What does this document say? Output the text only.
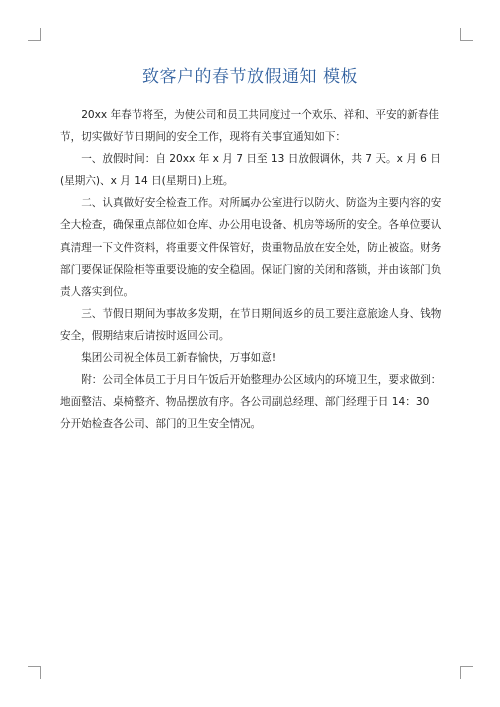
致客户的春节放假通知 模板

20xx 年春节将至，为使公司和员工共同度过一个欢乐、祥和、平安的新春佳节，切实做好节日期间的安全工作，现将有关事宜通知如下：

一、放假时间：自 20xx 年 x 月 7 日至 13 日放假调休，共 7 天。x 月 6 日(星期六)、x 月 14 日(星期日)上班。

二、认真做好安全检查工作。对所属办公室进行以防火、防盗为主要内容的安全大检查，确保重点部位如仓库、办公用电设备、机房等场所的安全。各单位要认真清理一下文件资料，将重要文件保管好，贵重物品放在安全处，防止被盗。财务部门要保证保险柜等重要设施的安全稳固。保证门窗的关闭和落锁，并由该部门负责人落实到位。

三、节假日期间为事故多发期，在节日期间返乡的员工要注意旅途人身、钱物安全，假期结束后请按时返回公司。

集团公司祝全体员工新春愉快，万事如意!

附：公司全体员工于月日午饭后开始整理办公区域内的环境卫生，要求做到：地面整洁、桌椅整齐、物品摆放有序。各公司副总经理、部门经理于日 14：30 分开始检查各公司、部门的卫生安全情况。
